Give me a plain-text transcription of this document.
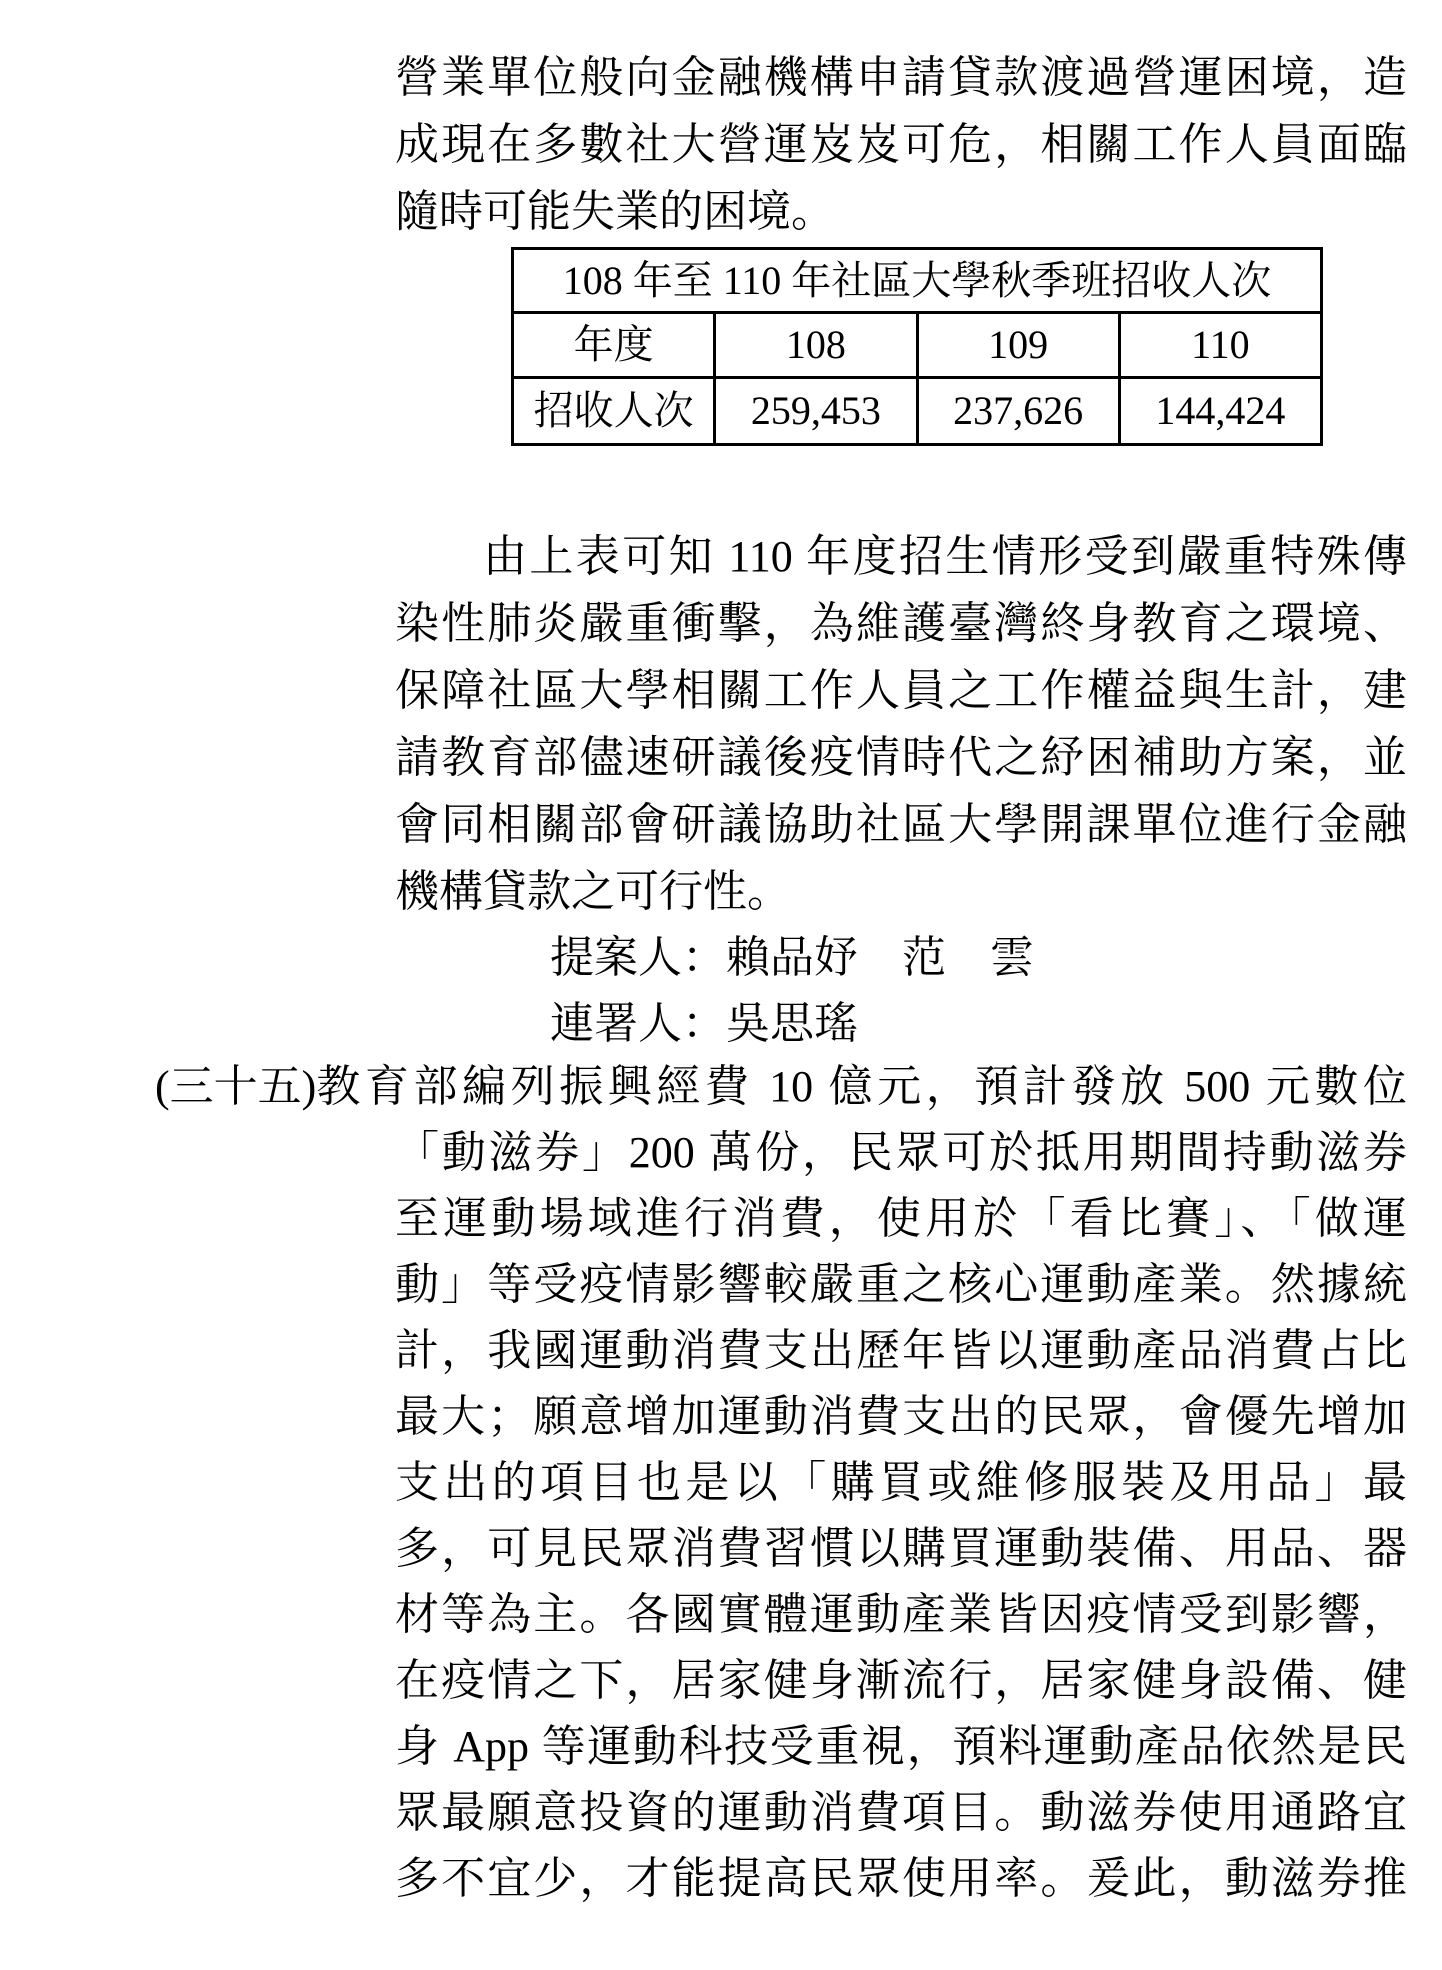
營業單位般向金融機構申請貸款渡過營運困境，造
成現在多數社大營運岌岌可危，相關工作人員面臨
隨時可能失業的困境。
108 年至 110 年社區大學秋季班招收人次			
年度	108	109	110
招收人次	259,453	237,626	144,424
由上表可知 110 年度招生情形受到嚴重特殊傳
染性肺炎嚴重衝擊，為維護臺灣終身教育之環境、
保障社區大學相關工作人員之工作權益與生計，建
請教育部儘速研議後疫情時代之紓困補助方案，並
會同相關部會研議協助社區大學開課單位進行金融
機構貸款之可行性。
提案人：賴品妤　范　雲
連署人：吳思瑤
(三十五) 教育部編列振興經費 10 億元，預計發放 500 元數位
「動滋券」200 萬份，民眾可於抵用期間持動滋券
至運動場域進行消費，使用於「看比賽」、「做運
動」等受疫情影響較嚴重之核心運動產業。然據統
計，我國運動消費支出歷年皆以運動產品消費占比
最大；願意增加運動消費支出的民眾，會優先增加
支出的項目也是以「購買或維修服裝及用品」最
多，可見民眾消費習慣以購買運動裝備、用品、器
材等為主。各國實體運動產業皆因疫情受到影響，
在疫情之下，居家健身漸流行，居家健身設備、健
身 App 等運動科技受重視，預料運動產品依然是民
眾最願意投資的運動消費項目。動滋券使用通路宜
多不宜少，才能提高民眾使用率。爰此，動滋券推
